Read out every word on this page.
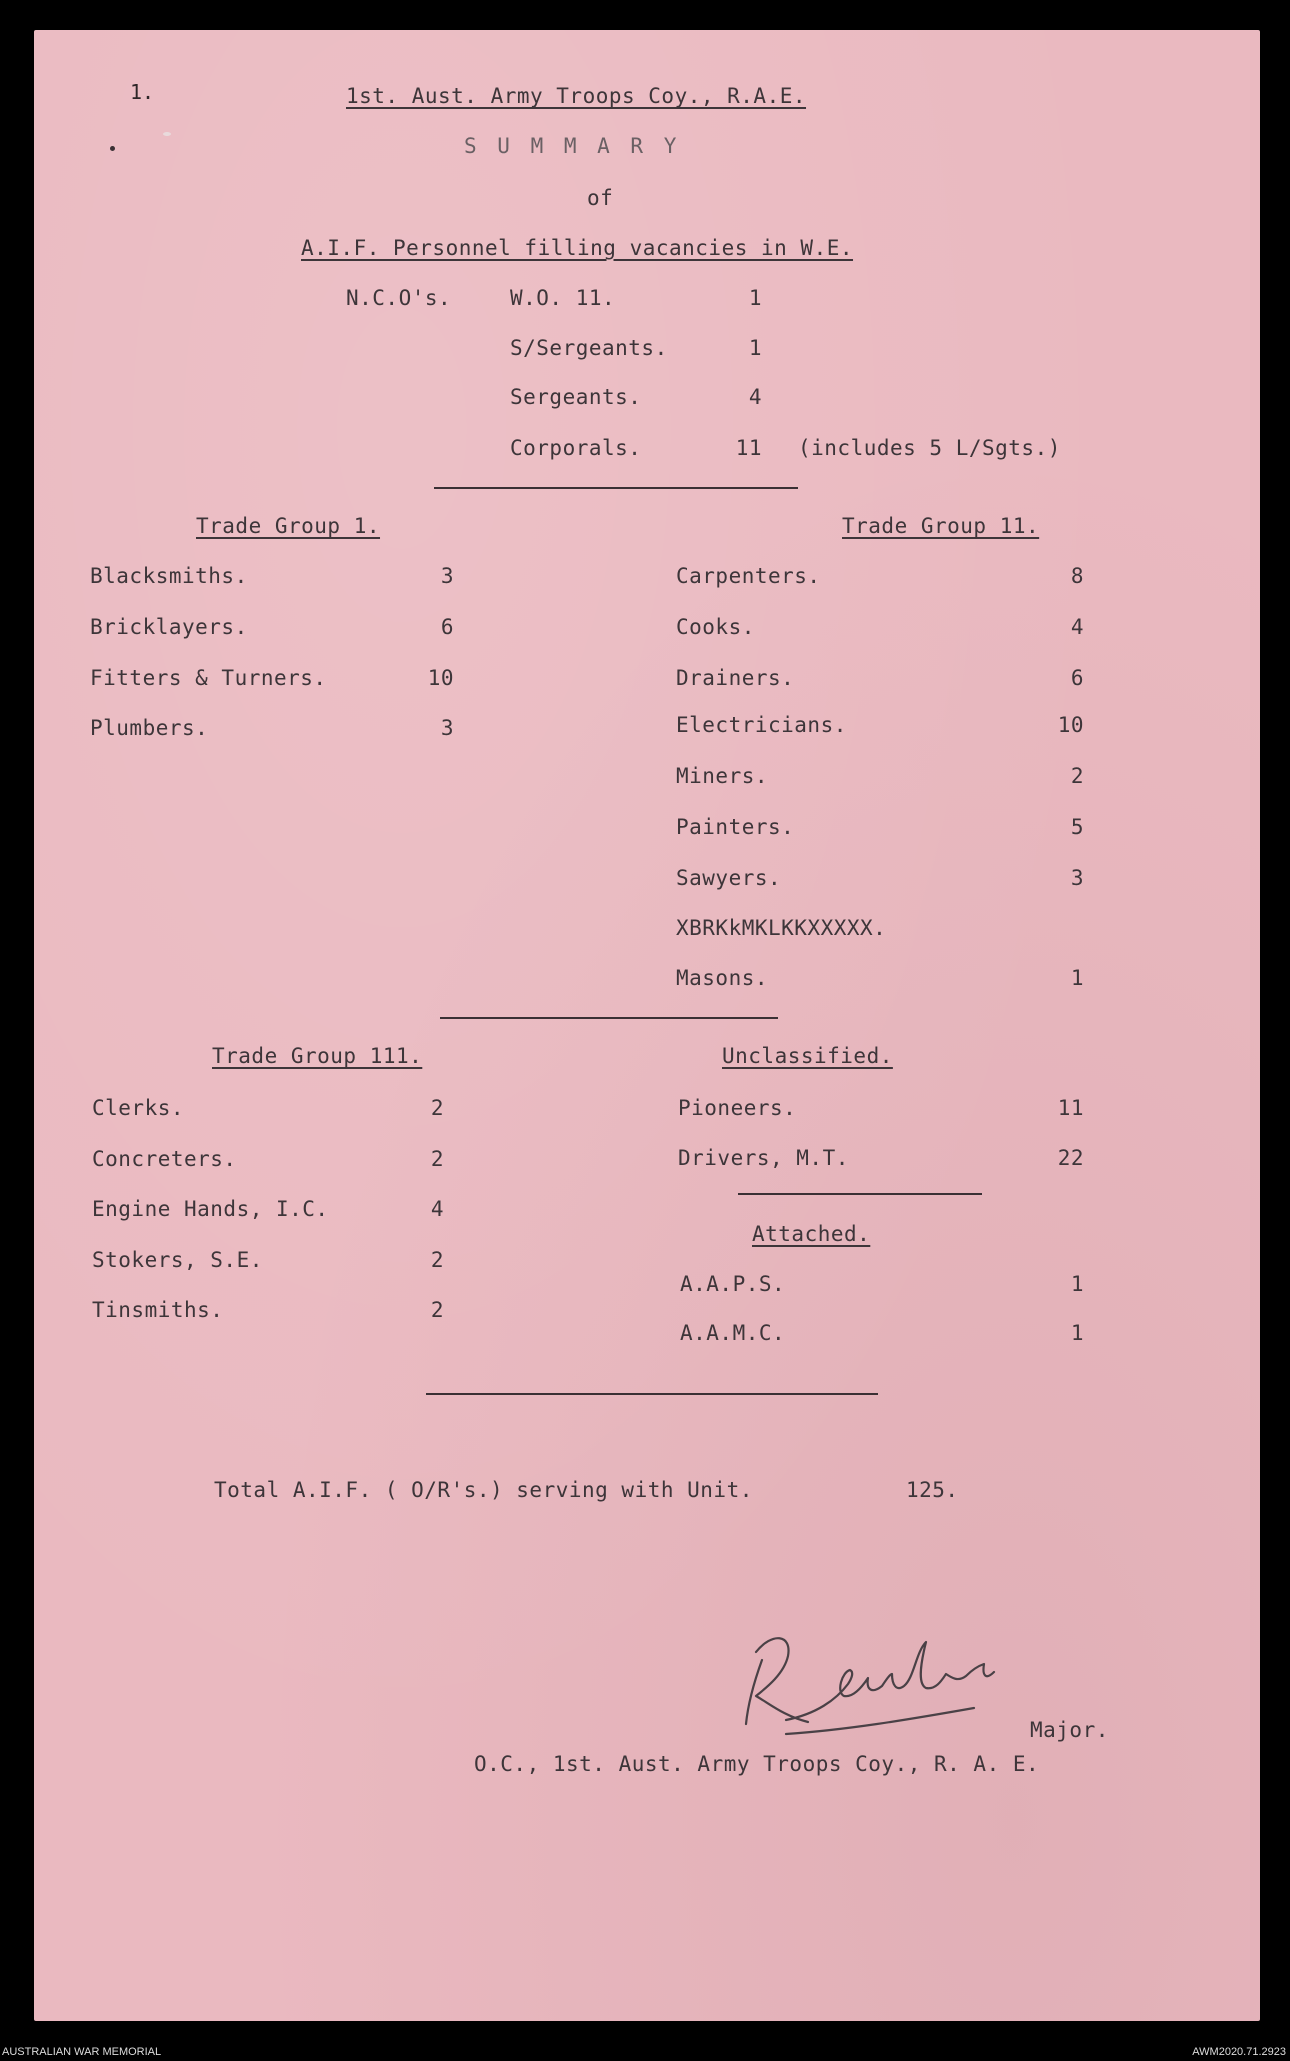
1.	1st. Aust. Army Troops Coy., R.A.E.
S U M M A R Y
of
A.I.F. Personnel filling vacancies in W.E.
N.C.O's.	W.O. 11.	1
S/Sergeants.	1
Sergeants.	4
Corporals.	11 (includes 5 L/Sgts.)
Trade Group 1.
Blacksmiths.	3
Bricklayers.	6
Fitters & Turners.	10
Plumbers.	3
Trade Group 11.
Carpenters.	8
Cooks.	4
Drainers.	6
Electricians.	10
Miners.	2
Painters.	5
Sawyers.	3
XBRKkMKLKKXXXXX.
Masons.	1
Trade Group 111.
Clerks.	2
Concreters.	2
Engine Hands, I.C.	4
Stokers, S.E.	2
Tinsmiths.	2
Unclassified.
Pioneers.	11
Drivers, M.T.	22
Attached.
A.A.P.S.	1
A.A.M.C.	1
Total A.I.F. ( O/R's.) serving with Unit.	125.
Major.
O.C., 1st. Aust. Army Troops Coy., R. A. E.
AUSTRALIAN WAR MEMORIAL	AWM2020.71.2923
